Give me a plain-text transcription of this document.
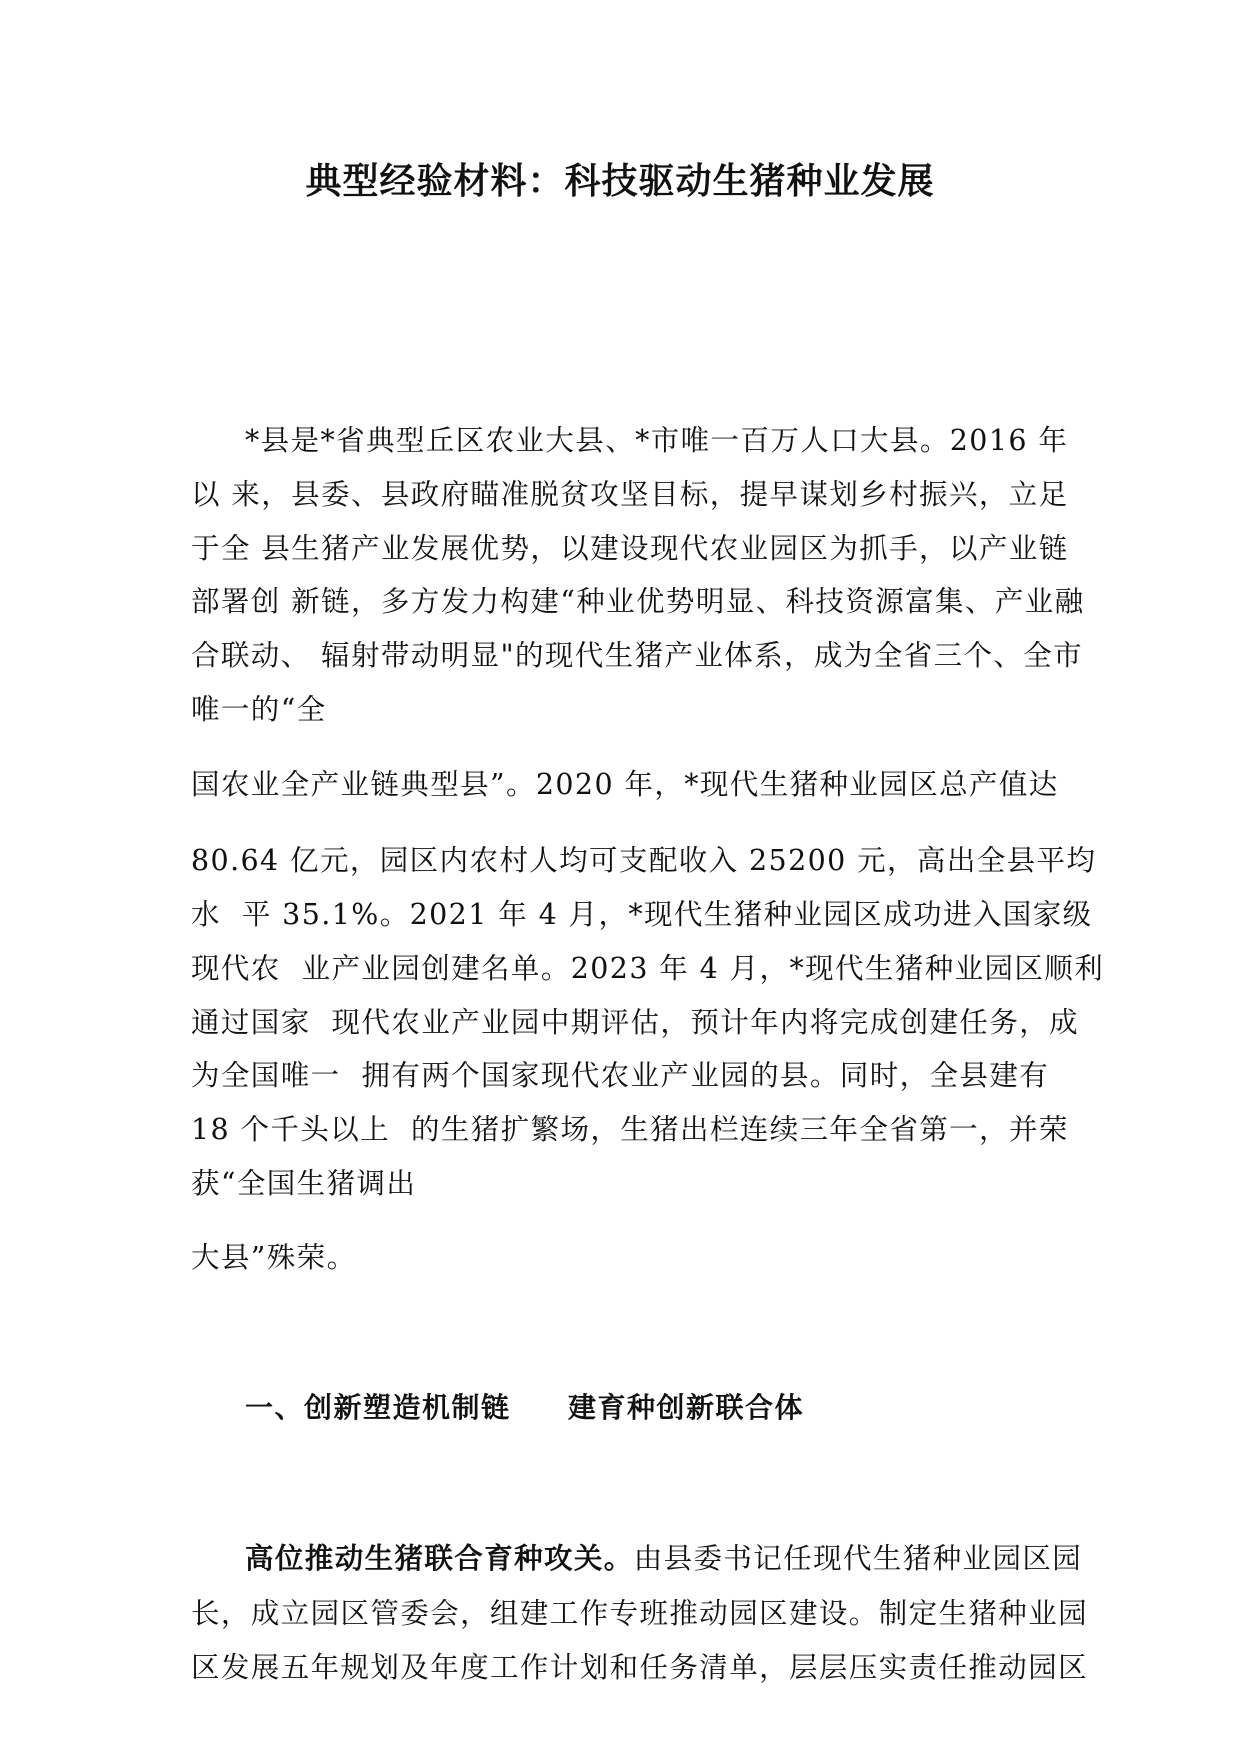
典型经验材料：科技驱动生猪种业发展
*县是*省典型丘区农业大县、*市唯一百万人口大县。2016 年
以 来，县委、县政府瞄准脱贫攻坚目标，提早谋划乡村振兴，立足
于全 县生猪产业发展优势，以建设现代农业园区为抓手，以产业链
部署创 新链，多方发力构建“种业优势明显、科技资源富集、产业融
合联动、 辐射带动明显"的现代生猪产业体系，成为全省三个、全市
唯一的“全
国农业全产业链典型县”。2020 年，*现代生猪种业园区总产值达
80.64 亿元，园区内农村人均可支配收入 25200 元，高出全县平均
水  平 35.1%。2021 年 4 月，*现代生猪种业园区成功进入国家级
现代农  业产业园创建名单。2023 年 4 月，*现代生猪种业园区顺利
通过国家  现代农业产业园中期评估，预计年内将完成创建任务，成
为全国唯一  拥有两个国家现代农业产业园的县。同时，全县建有
18 个千头以上  的生猪扩繁场，生猪出栏连续三年全省第一，并荣
获“全国生猪调出
大县”殊荣。
一、创新塑造机制链 建育种创新联合体
高位推动生猪联合育种攻关。由县委书记任现代生猪种业园区园
长，成立园区管委会，组建工作专班推动园区建设。制定生猪种业园
区发展五年规划及年度工作计划和任务清单，层层压实责任推动园区
